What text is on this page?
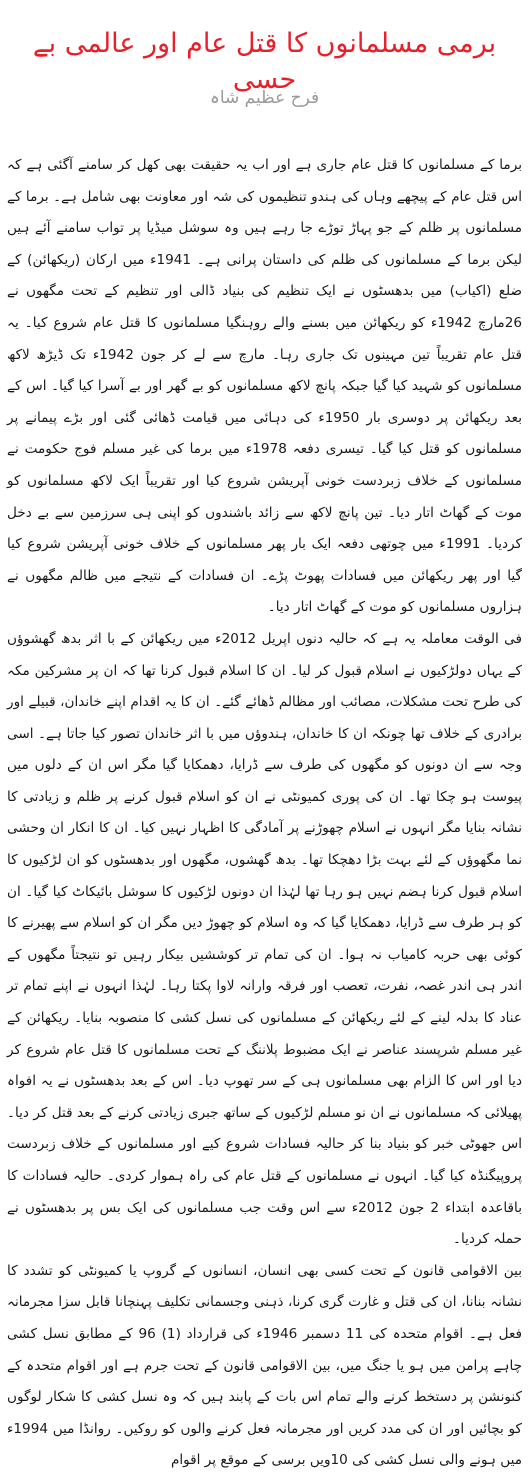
برمی مسلمانوں کا قتل عام اور عالمی بے حسی
فرح عظیم شاہ

برما کے مسلمانوں کا قتل عام جاری ہے اور اب یہ حقیقت بھی کھل کر سامنے آگئی ہے کہ اس قتل عام کے پیچھے وہاں کی ہندو تنظیموں کی شہ اور معاونت بھی شامل ہے۔ برما کے مسلمانوں پر ظلم کے جو پہاڑ توڑے جا رہے ہیں وہ سوشل میڈیا پر تواب سامنے آئے ہیں لیکن برما کے مسلمانوں کی ظلم کی داستان پرانی ہے۔ 1941ء میں ارکان (ریکھائن) کے ضلع (اکیاب) میں بدھسٹوں نے ایک تنظیم کی بنیاد ڈالی اور تنظیم کے تحت مگھوں نے 26مارچ 1942ء کو ریکھائن میں بسنے والے روہنگیا مسلمانوں کا قتل عام شروع کیا۔ یہ قتل عام تقریباً تین مہینوں تک جاری رہا۔ مارچ سے لے کر جون 1942ء تک ڈیڑھ لاکھ مسلمانوں کو شہید کیا گیا جبکہ پانچ لاکھ مسلمانوں کو بے گھر اور بے آسرا کیا گیا۔ اس کے بعد ریکھائن پر دوسری بار 1950ء کی دہائی میں قیامت ڈھائی گئی اور بڑے پیمانے پر مسلمانوں کو قتل کیا گیا۔ تیسری دفعہ 1978ء میں برما کی غیر مسلم فوج حکومت نے مسلمانوں کے خلاف زبردست خونی آپریشن شروع کیا اور تقریباً ایک لاکھ مسلمانوں کو موت کے گھاٹ اتار دیا۔ تین پانچ لاکھ سے زائد باشندوں کو اپنی ہی سرزمین سے بے دخل کردیا۔ 1991ء میں چوتھی دفعہ ایک بار پھر مسلمانوں کے خلاف خونی آپریشن شروع کیا گیا اور پھر ریکھائن میں فسادات پھوٹ پڑے۔ ان فسادات کے نتیجے میں ظالم مگھوں نے ہزاروں مسلمانوں کو موت کے گھاٹ اتار دیا۔

فی الوقت معاملہ یہ ہے کہ حالیہ دنوں اپریل 2012ء میں ریکھائن کے با اثر بدھ گھشوؤں کے یہاں دولڑکیوں نے اسلام قبول کر لیا۔ ان کا اسلام قبول کرنا تھا کہ ان پر مشرکین مکہ کی طرح تحت مشکلات، مصائب اور مظالم ڈھائے گئے۔ ان کا یہ اقدام اپنے خاندان، قبیلے اور برادری کے خلاف تھا چونکہ ان کا خاندان، ہندوؤں میں با اثر خاندان تصور کیا جاتا ہے۔ اسی وجہ سے ان دونوں کو مگھوں کی طرف سے ڈرایا، دھمکایا گیا مگر اس ان کے دلوں میں پیوست ہو چکا تھا۔ ان کی پوری کمیونٹی نے ان کو اسلام قبول کرنے پر ظلم و زیادتی کا نشانہ بنایا مگر انہوں نے اسلام چھوڑنے پر آمادگی کا اظہار نہیں کیا۔ ان کا انکار ان وحشی نما مگھوؤں کے لئے بہت بڑا دھچکا تھا۔ بدھ گھشوں، مگھوں اور بدھسٹوں کو ان لڑکیوں کا اسلام قبول کرنا ہضم نہیں ہو رہا تھا لہٰذا ان دونوں لڑکیوں کا سوشل بائیکاٹ کیا گیا۔ ان کو ہر طرف سے ڈرایا، دھمکایا گیا کہ وہ اسلام کو چھوڑ دیں مگر ان کو اسلام سے پھیرنے کا کوئی بھی حربہ کامیاب نہ ہوا۔ ان کی تمام تر کوششیں بیکار رہیں تو نتیجتاً مگھوں کے اندر ہی اندر غصہ، نفرت، تعصب اور فرقہ وارانہ لاوا پکتا رہا۔ لہٰذا انہوں نے اپنے تمام تر عناد کا بدلہ لینے کے لئے ریکھائن کے مسلمانوں کی نسل کشی کا منصوبہ بنایا۔ ریکھائن کے غیر مسلم شرپسند عناصر نے ایک مضبوط پلاننگ کے تحت مسلمانوں کا قتل عام شروع کر دیا اور اس کا الزام بھی مسلمانوں ہی کے سر تھوپ دیا۔ اس کے بعد بدھسٹوں نے یہ افواہ پھیلائی کہ مسلمانوں نے ان نو مسلم لڑکیوں کے ساتھ جبری زیادتی کرنے کے بعد قتل کر دیا۔ اس جھوٹی خبر کو بنیاد بنا کر حالیہ فسادات شروع کیے اور مسلمانوں کے خلاف زبردست پروپیگنڈہ کیا گیا۔ انہوں نے مسلمانوں کے قتل عام کی راہ ہموار کردی۔ حالیہ فسادات کا باقاعدہ ابتداء 2 جون 2012ء سے اس وقت جب مسلمانوں کی ایک بس پر بدھسٹوں نے حملہ کردیا۔

بین الاقوامی قانون کے تحت کسی بھی انسان، انسانوں کے گروپ یا کمیونٹی کو تشدد کا نشانہ بنانا، ان کی قتل و غارت گری کرنا، ذہنی وجسمانی تکلیف پہنچانا قابل سزا مجرمانہ فعل ہے۔ اقوام متحدہ کی 11 دسمبر 1946ء کی قرارداد (1) 96 کے مطابق نسل کشی چاہے پرامن میں ہو یا جنگ میں، بین الاقوامی قانون کے تحت جرم ہے اور اقوام متحدہ کے کنونشن پر دستخط کرنے والے تمام اس بات کے پابند ہیں کہ وہ نسل کشی کا شکار لوگوں کو بچائیں اور ان کی مدد کریں اور مجرمانہ فعل کرنے والوں کو روکیں۔ روانڈا میں 1994ء میں ہونے والی نسل کشی کی 10ویں برسی کے موقع پر اقوام
